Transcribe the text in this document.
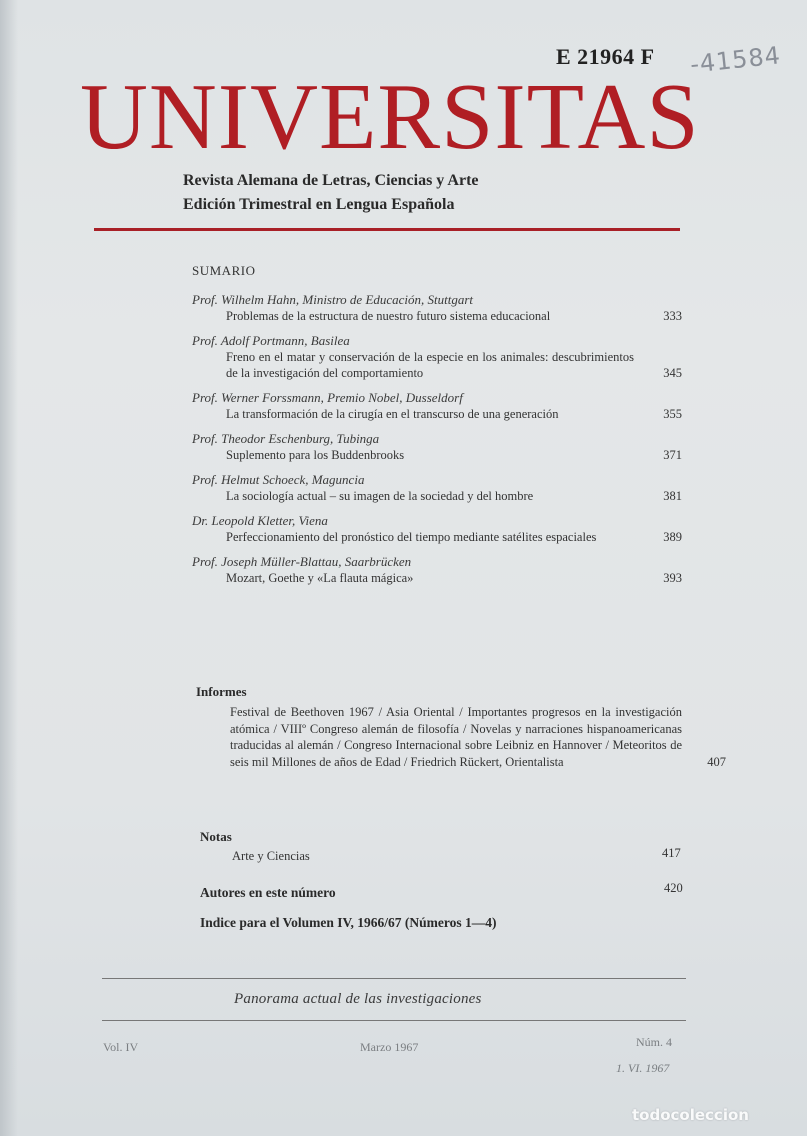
E 21964 F -41584
UNIVERSITAS
Revista Alemana de Letras, Ciencias y Arte
Edición Trimestral en Lengua Española
SUMARIO
Prof. Wilhelm Hahn, Ministro de Educación, Stuttgart
Problemas de la estructura de nuestro futuro sistema educacional	333
Prof. Adolf Portmann, Basilea
Freno en el matar y conservación de la especie en los animales: descubrimientos de la investigación del comportamiento	345
Prof. Werner Forssmann, Premio Nobel, Dusseldorf
La transformación de la cirugía en el transcurso de una generación	355
Prof. Theodor Eschenburg, Tubinga
Suplemento para los Buddenbrooks	371
Prof. Helmut Schoeck, Maguncia
La sociología actual – su imagen de la sociedad y del hombre	381
Dr. Leopold Kletter, Viena
Perfeccionamiento del pronóstico del tiempo mediante satélites espaciales	389
Prof. Joseph Müller-Blattau, Saarbrücken
Mozart, Goethe y «La flauta mágica»	393
Informes
Festival de Beethoven 1967 / Asia Oriental / Importantes progresos en la investigación atómica / VIIIº Congreso alemán de filosofía / Novelas y narraciones hispanoamericanas traducidas al alemán / Congreso Internacional sobre Leibniz en Hannover / Meteoritos de seis mil Millones de años de Edad / Friedrich Rückert, Orientalista	407
Notas
Arte y Ciencias	417
Autores en este número	420
Indice para el Volumen IV, 1966/67 (Números 1—4)
Panorama actual de las investigaciones
Vol. IV	Marzo 1967	Núm. 4
1. VI. 1967
todocoleccion
